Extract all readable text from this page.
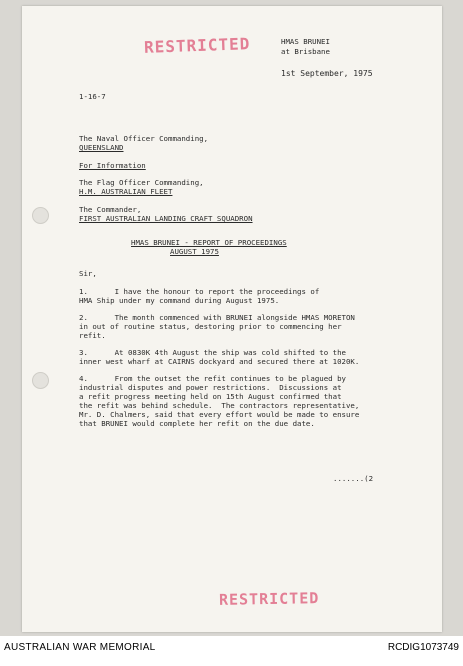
RESTRICTED	HMAS BRUNEI
at Brisbane
1st September, 1975
1-16-7
The Naval Officer Commanding,
QUEENSLAND
For Information
The Flag Officer Commanding,
H.M. AUSTRALIAN FLEET
The Commander,
FIRST AUSTRALIAN LANDING CRAFT SQUADRON
HMAS BRUNEI - REPORT OF PROCEEDINGS
AUGUST 1975
Sir,
1.      I have the honour to report the proceedings of
HMA Ship under my command during August 1975.
2.      The month commenced with BRUNEI alongside HMAS MORETON
in out of routine status, destoring prior to commencing her
refit.
3.      At 0830K 4th August the ship was cold shifted to the
inner west wharf at CAIRNS dockyard and secured there at 1020K.
4.      From the outset the refit continues to be plagued by
industrial disputes and power restrictions.  Discussions at
a refit progress meeting held on 15th August confirmed that
the refit was behind schedule.  The contractors representative,
Mr. D. Chalmers, said that every effort would be made to ensure
that BRUNEI would complete her refit on the due date.
.......(2
RESTRICTED
AUSTRALIAN WAR MEMORIAL	RCDIG1073749
